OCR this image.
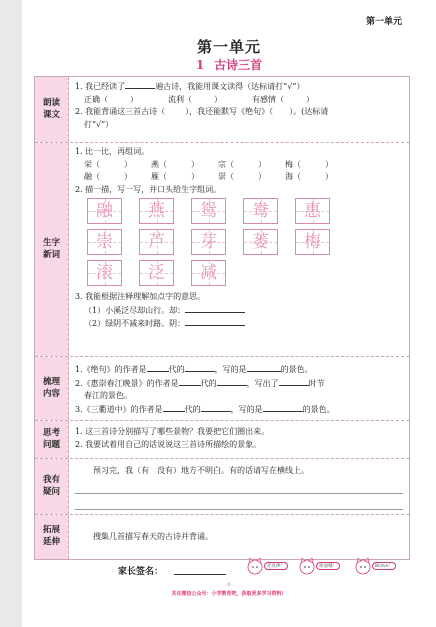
第一单元
第一单元
1 古诗三首
朗读
课文
1. 我已经读了	遍古诗，我能用课文读得（达标请打“√”）
正确（	）	流利（	）	有感情（	）
2. 我能背诵这三首古诗（	），我还能默写《绝句》（ ）。(达标请
打“√”）
生字
新词
1. 比一比，再组词。
栄（　　　）	燕（　　　）	宗（　　　）	梅（　　　）
融（　　　）	雁（　　　）	崇（　　　）	海（　　　）
2. 描一描，写一写，并口头给生字组词。
融 燕 鸳 鸯 惠
崇 芦 芽 蒌 梅
滚 泛 减
3. 我能根据注释理解加点字的意思。
（1）小溪泛尽却山行。却：
（2）绿阴不减来时路。阴：
梳理
内容
1.《绝句》的作者是	代的	，写的是	的景色。
2.《惠崇春江晚景》的作者是	代的	，写出了	时节
春江的景色。
3.《三衢道中》的作者是	代的	，写的是	的景色。
思考
问题
1. 这三首诗分别描写了哪些景物？我要把它们圈出来。
2. 我要试着用自己的话说说这三首诗所描绘的景象。
我有
疑问
预习完，我（有　没有）地方不明白。有的话请写在横线上。
拓展
延伸
搜集几首描写春天的古诗并背诵。
家长签名：
你真棒！	加油哦！	Bravo！
·1·
关注微信公众号：小学教育吧，获取更多学习资料！
